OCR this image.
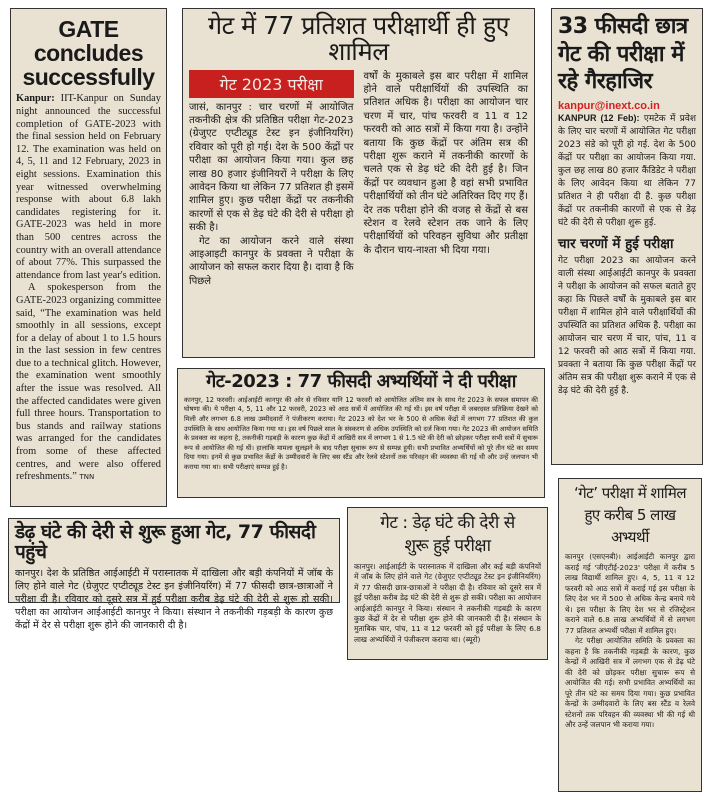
GATE concludes successfully

Kanpur: IIT-Kanpur on Sunday night announced the successful completion of GATE-2023 with the final session held on February 12. The examination was held on 4, 5, 11 and 12 February, 2023 in eight sessions. Examination this year witnessed overwhelming response with about 6.8 lakh candidates registering for it. GATE-2023 was held in more than 500 centres across the country with an overall attendance of about 77%. This surpassed the attendance from last year's edition.

A spokesperson from the GATE-2023 organizing committee said, “The examination was held smoothly in all sessions, except for a delay of about 1 to 1.5 hours in the last session in few centres due to a technical glitch. However, the examination went smoothly after the issue was resolved. All the affected candidates were given full three hours. Transportation to bus stands and railway stations was arranged for the candidates from some of these affected centres, and were also offered refreshments.” TNN

गेट में 77 प्रतिशत परीक्षार्थी ही हुए शामिल
गेट 2023 परीक्षा

जासं, कानपुर : चार चरणों में आयोजित तकनीकी क्षेत्र की प्रतिष्ठित परीक्षा गेट-2023 (ग्रेजुएट एप्टीट्यूड टेस्ट इन इंजीनियरिंग) रविवार को पूरी हो गई। देश के 500 केंद्रों पर परीक्षा का आयोजन किया गया। कुल छह लाख 80 हजार इंजीनियरों ने परीक्षा के लिए आवेदन किया था लेकिन 77 प्रतिशत ही इसमें शामिल हुए। कुछ परीक्षा केंद्रों पर तकनीकी कारणों से एक से डेढ़ घंटे की देरी से परीक्षा हो सकी है।

गेट का आयोजन करने वाले संस्था आइआइटी कानपुर के प्रवक्ता ने परीक्षा के आयोजन को सफल करार दिया है। दावा है कि पिछले

वर्षों के मुकाबले इस बार परीक्षा में शामिल होने वाले परीक्षार्थियों की उपस्थिति का प्रतिशत अधिक है। परीक्षा का आयोजन चार चरण में चार, पांच फरवरी व 11 व 12 फरवरी को आठ सत्रों में किया गया है। उन्होंने बताया कि कुछ केंद्रों पर अंतिम सत्र की परीक्षा शुरू कराने में तकनीकी कारणों के चलते एक से डेढ़ घंटे की देरी हुई है। जिन केंद्रों पर व्यवधान हुआ है वहां सभी प्रभावित परीक्षार्थियों को तीन घंटे अतिरिक्त दिए गए हैं। देर तक परीक्षा होने की वजह से केंद्रों से बस स्टेशन व रेलवे स्टेशन तक जाने के लिए परीक्षार्थियों को परिवहन सुविधा और प्रतीक्षा के दौरान चाय-नाश्ता भी दिया गया।

गेट-2023 : 77 फीसदी अभ्यर्थियों ने दी परीक्षा

कानपुर, 12 फरवरी। आईआईटी कानपुर की ओर से रविवार यानि 12 फरवरी को आयोजित अंतिम सत्र के साथ गेट 2023 के सफल समापन की घोषणा की। ये परीक्षा 4, 5, 11 और 12 फरवरी, 2023 को आठ सत्रों में आयोजित की गई थी। इस वर्ष परीक्षा में जबरदस्त प्रतिक्रिया देखने को मिली और लगभग 6.8 लाख उम्मीदवारों ने पंजीकरण कराया। गेट 2023 को देश भर के 500 से अधिक केंद्रों में लगभग 77 प्रतिशत की कुल उपस्थिति के साथ आयोजित किया गया था। इस वर्ष पिछले साल के संस्करण से अधिक उपस्थिति को दर्ज किया गया। गेट 2023 की आयोजन समिति के प्रवक्ता का कहना है, तकनीकी गड़बड़ी के कारण कुछ केंद्रों में आखिरी सत्र में लगभग 1 से 1.5 घंटे की देरी को छोड़कर परीक्षा सभी सत्रों में सुचारू रूप से आयोजित की गई थी। हालांकि मामला सुलझने के बाद परीक्षा सुचारू रूप से सम्पन्न हुयी। सभी प्रभावित अभ्यर्थियों को पूरे तीन घंटे का समय दिया गया। इनमें से कुछ प्रभावित केंद्रों के उम्मीदवारों के लिए बस स्टैंड और रेलवे स्टेशनों तक परिवहन की व्यवस्था की गई थी और उन्हें जलपान भी कराया गया था। सभी परीक्षाएं सम्पन्न हुई है।

33 फीसदी छात्र गेट की परीक्षा में रहे गैरहाजिर
kanpur@inext.co.in

KANPUR (12 Feb): एमटेक में प्रवेश के लिए चार चरणों में आयोजित गेट परीक्षा 2023 संडे को पूरी हो गई. देश के 500 केंद्रों पर परीक्षा का आयोजन किया गया. कुल छह लाख 80 हजार कैंडिडेट ने परीक्षा के लिए आवेदन किया था लेकिन 77 प्रतिशत ने ही परीक्षा दी है. कुछ परीक्षा केंद्रों पर तकनीकी कारणों से एक से डेढ़ घंटे की देरी से परीक्षा शुरू हुई.

चार चरणों में हुई परीक्षा

गेट परीक्षा 2023 का आयोजन करने वाली संस्था आईआईटी कानपुर के प्रवक्ता ने परीक्षा के आयोजन को सफल बताते हुए कहा कि पिछले वर्षों के मुकाबले इस बार परीक्षा में शामिल होने वाले परीक्षार्थियों की उपस्थिति का प्रतिशत अधिक है. परीक्षा का आयोजन चार चरण में चार, पांच, 11 व 12 फरवरी को आठ सत्रों में किया गया. प्रवक्ता ने बताया कि कुछ परीक्षा केंद्रों पर अंतिम सत्र की परीक्षा शुरू कराने में एक से डेढ़ घंटे की देरी हुई है.

डेढ़ घंटे की देरी से शुरू हुआ गेट, 77 फीसदी पहुंचे

कानपुर। देश के प्रतिष्ठित आईआईटी में परास्नातक में दाखिला और बड़ी कंपनियों में जॉब के लिए होने वाले गेट (ग्रेजुएट एप्टीट्यूड टेस्ट इन इंजीनियरिंग) में 77 फीसदी छात्र-छात्राओं ने परीक्षा दी है। रविवार को दूसरे सत्र में हुई परीक्षा करीब डेढ़ घंटे की देरी से शुरू हो सकी। परीक्षा का आयोजन आईआईटी कानपुर ने किया। संस्थान ने तकनीकी गड़बड़ी के कारण कुछ केंद्रों में देर से परीक्षा शुरू होने की जानकारी दी है।

गेट : डेढ़ घंटे की देरी से शुरू हुई परीक्षा

कानपुर। आईआईटी के परास्नातक में दाखिला और कई बड़ी कंपनियों में जॉब के लिए होने वाले गेट (ग्रेजुएट एप्टीट्यूड टेस्ट इन इंजीनियरिंग) में 77 फीसदी छात्र-छात्राओं ने परीक्षा दी है। रविवार को दूसरे सत्र में हुई परीक्षा करीब डेढ़ घंटे की देरी से शुरू हो सकी। परीक्षा का आयोजन आईआईटी कानपुर ने किया। संस्थान ने तकनीकी गड़बड़ी के कारण कुछ केंद्रों में देर से परीक्षा शुरू होने की जानकारी दी है। संस्थान के मुताबिक चार, पांच, 11 व 12 फरवरी को हुई परीक्षा के लिए 6.8 लाख अभ्यर्थियों ने पंजीकरण कराया था। (ब्यूरो)

‘गेट’ परीक्षा में शामिल हुए करीब 5 लाख अभ्यर्थी

कानपुर (एसएनबी)। आईआईटी कानपुर द्वारा कराई गई 'जीएटीई-2023' परीक्षा में करीब 5 लाख विद्यार्थी शामिल हुए। 4, 5, 11 व 12 फरवरी को आठ सत्रों में कराई गई इस परीक्षा के लिए देश भर में 500 से अधिक केन्द्र बनाये गये थे। इस परीक्षा के लिए देश भर से रजिस्ट्रेशन कराने वाले 6.8 लाख अभ्यर्थियों में से लगभग 77 प्रतिशत अभ्यर्थी परीक्षा में शामिल हुए।

गेट परीक्षा आयोजित समिति के प्रवक्ता का कहना है कि तकनीकी गड़बड़ी के कारण, कुछ केन्द्रों में आखिरी सत्र में लगभग एक से डेढ़ घंटे की देरी को छोड़कर परीक्षा सुचारू रूप से आयोजित की गई। सभी प्रभावित अभ्यर्थियों का पूरे तीन घंटे का समय दिया गया। कुछ प्रभावित केन्द्रों के उम्मीदवारों के लिए बस स्टैंड व रेलवे स्टेशनों तक परिवहन की व्यवस्था भी की गई थी और उन्हें जलपान भी कराया गया।
